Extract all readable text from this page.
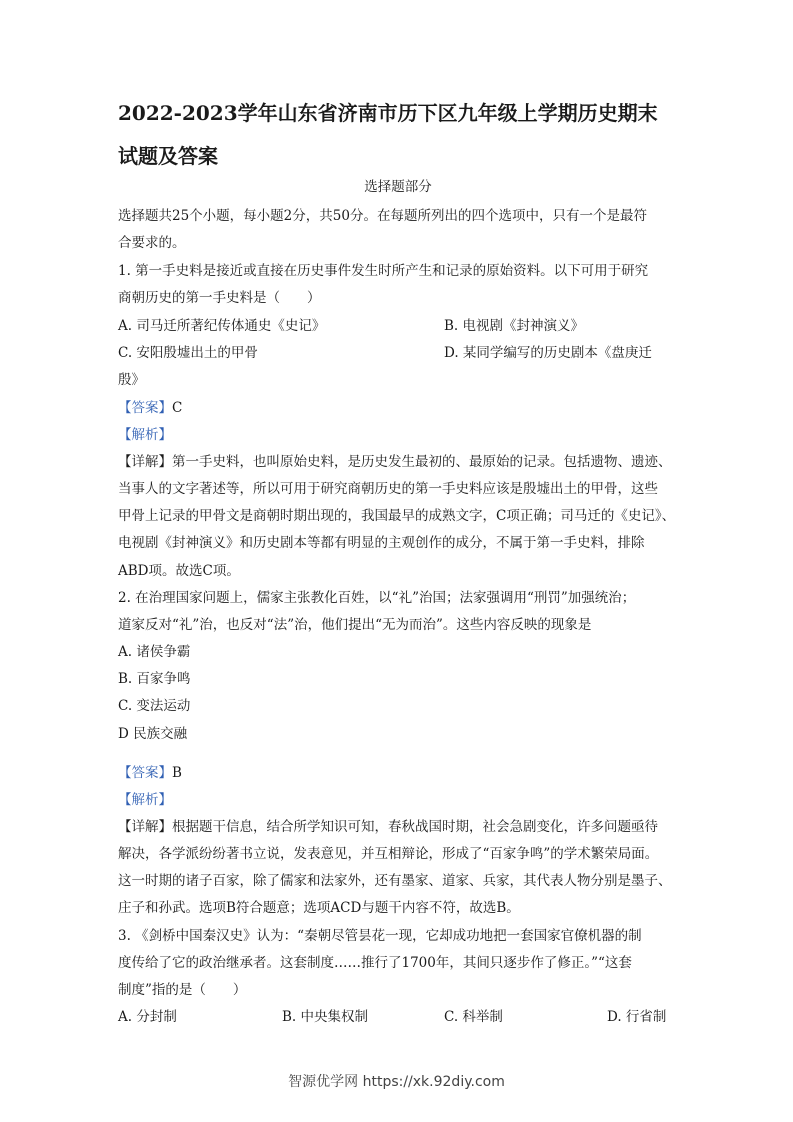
2022-2023学年山东省济南市历下区九年级上学期历史期末
试题及答案
选择题部分
选择题共25个小题，每小题2分，共50分。在每题所列出的四个选项中，只有一个是最符
合要求的。
1. 第一手史料是接近或直接在历史事件发生时所产生和记录的原始资料。以下可用于研究
商朝历史的第一手史料是（　　）
A. 司马迁所著纪传体通史《史记》	B. 电视剧《封神演义》
C. 安阳殷墟出土的甲骨	D. 某同学编写的历史剧本《盘庚迁
殷》
【答案】C
【解析】
【详解】第一手史料，也叫原始史料，是历史发生最初的、最原始的记录。包括遗物、遗迹、
当事人的文字著述等，所以可用于研究商朝历史的第一手史料应该是殷墟出土的甲骨，这些
甲骨上记录的甲骨文是商朝时期出现的，我国最早的成熟文字，C项正确；司马迁的《史记》、
电视剧《封神演义》和历史剧本等都有明显的主观创作的成分，不属于第一手史料，排除
ABD项。故选C项。
2. 在治理国家问题上，儒家主张教化百姓，以“礼”治国；法家强调用“刑罚”加强统治；
道家反对“礼”治，也反对“法”治，他们提出“无为而治”。这些内容反映的现象是
A. 诸侯争霸
B. 百家争鸣
C. 变法运动
D 民族交融
【答案】B
【解析】
【详解】根据题干信息，结合所学知识可知，春秋战国时期，社会急剧变化，许多问题亟待
解决，各学派纷纷著书立说，发表意见，并互相辩论，形成了“百家争鸣”的学术繁荣局面。
这一时期的诸子百家，除了儒家和法家外，还有墨家、道家、兵家，其代表人物分别是墨子、
庄子和孙武。选项B符合题意；选项ACD与题干内容不符，故选B。
3. 《剑桥中国秦汉史》认为：“秦朝尽管昙花一现，它却成功地把一套国家官僚机器的制
度传给了它的政治继承者。这套制度……推行了1700年，其间只逐步作了修正。”“这套
制度”指的是（　　）
A. 分封制	B. 中央集权制	C. 科举制	D. 行省制
智源优学网 https://xk.92diy.com
